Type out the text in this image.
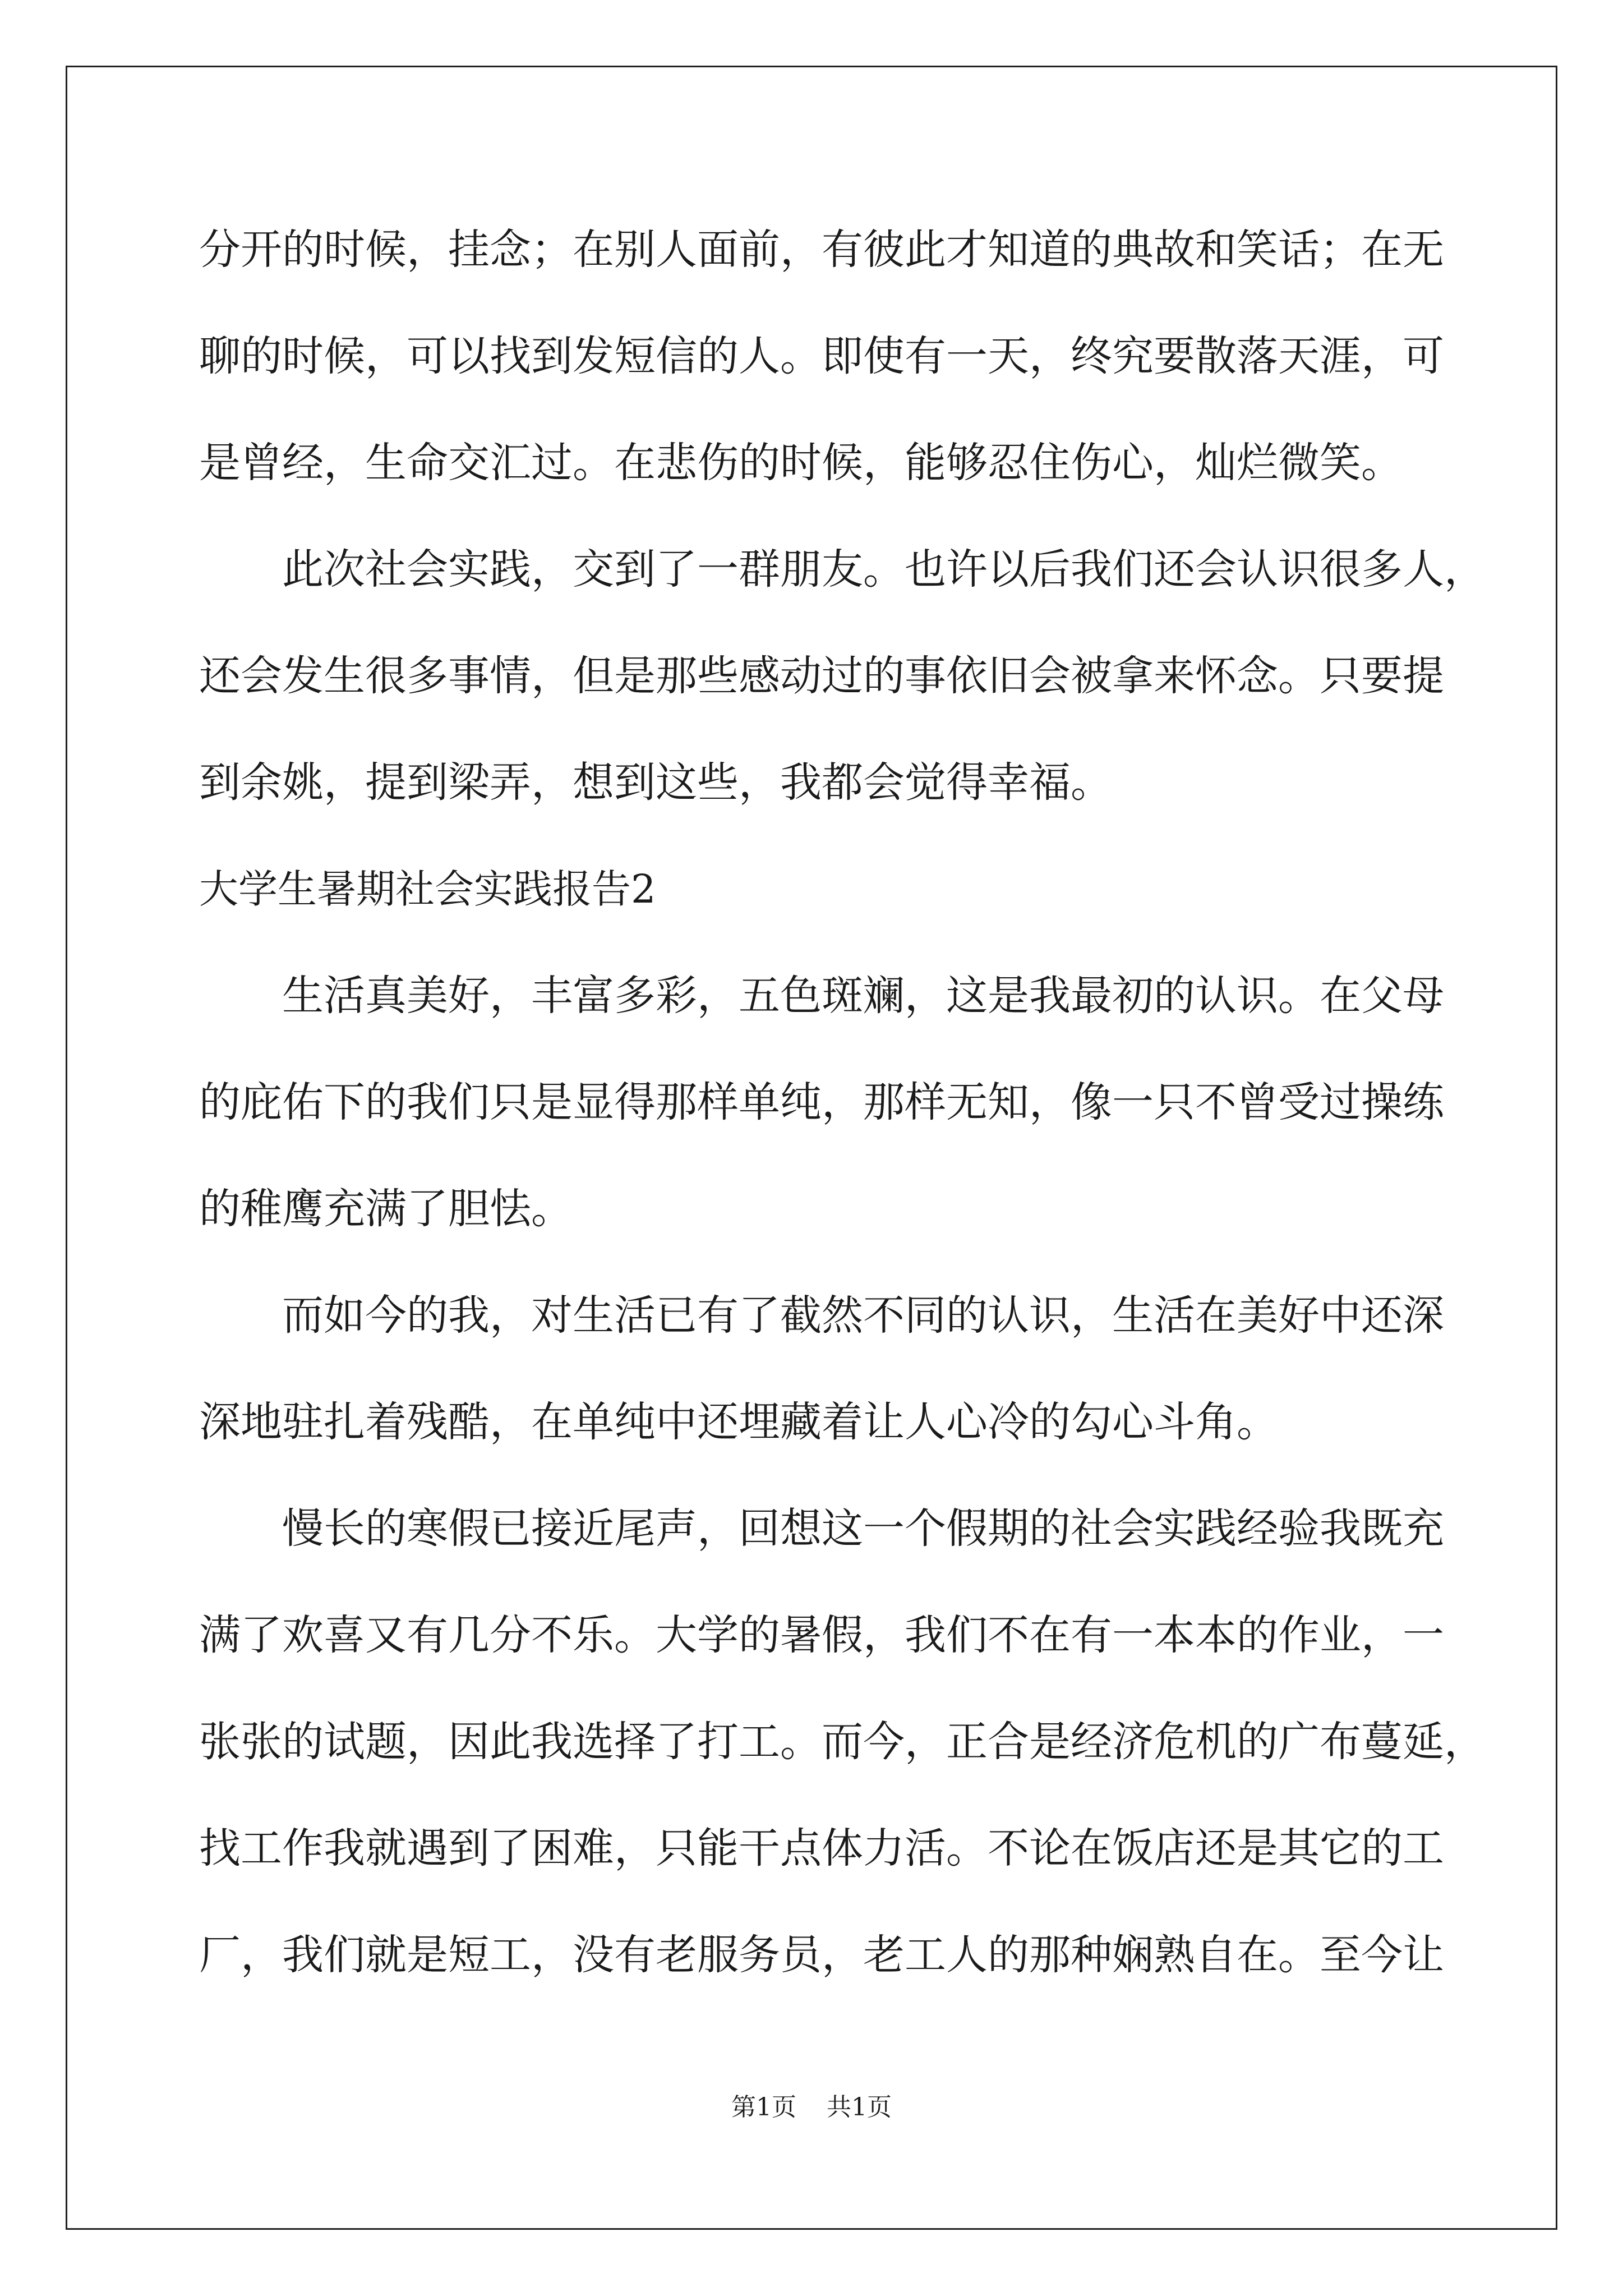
分开的时候，挂念；在别人面前，有彼此才知道的典故和笑话；在无
聊的时候，可以找到发短信的人。即使有一天，终究要散落天涯，可
是曾经，生命交汇过。在悲伤的时候，能够忍住伤心，灿烂微笑。
此次社会实践，交到了一群朋友。也许以后我们还会认识很多人，
还会发生很多事情，但是那些感动过的事依旧会被拿来怀念。只要提
到余姚，提到梁弄，想到这些，我都会觉得幸福。
大学生暑期社会实践报告2
生活真美好，丰富多彩，五色斑斓，这是我最初的认识。在父母
的庇佑下的我们只是显得那样单纯，那样无知，像一只不曾受过操练
的稚鹰充满了胆怯。
而如今的我，对生活已有了截然不同的认识，生活在美好中还深
深地驻扎着残酷，在单纯中还埋藏着让人心冷的勾心斗角。
慢长的寒假已接近尾声，回想这一个假期的社会实践经验我既充
满了欢喜又有几分不乐。大学的暑假，我们不在有一本本的作业，一
张张的试题，因此我选择了打工。而今，正合是经济危机的广布蔓延，
找工作我就遇到了困难，只能干点体力活。不论在饭店还是其它的工
厂，我们就是短工，没有老服务员，老工人的那种娴熟自在。至今让
第1页 共1页
